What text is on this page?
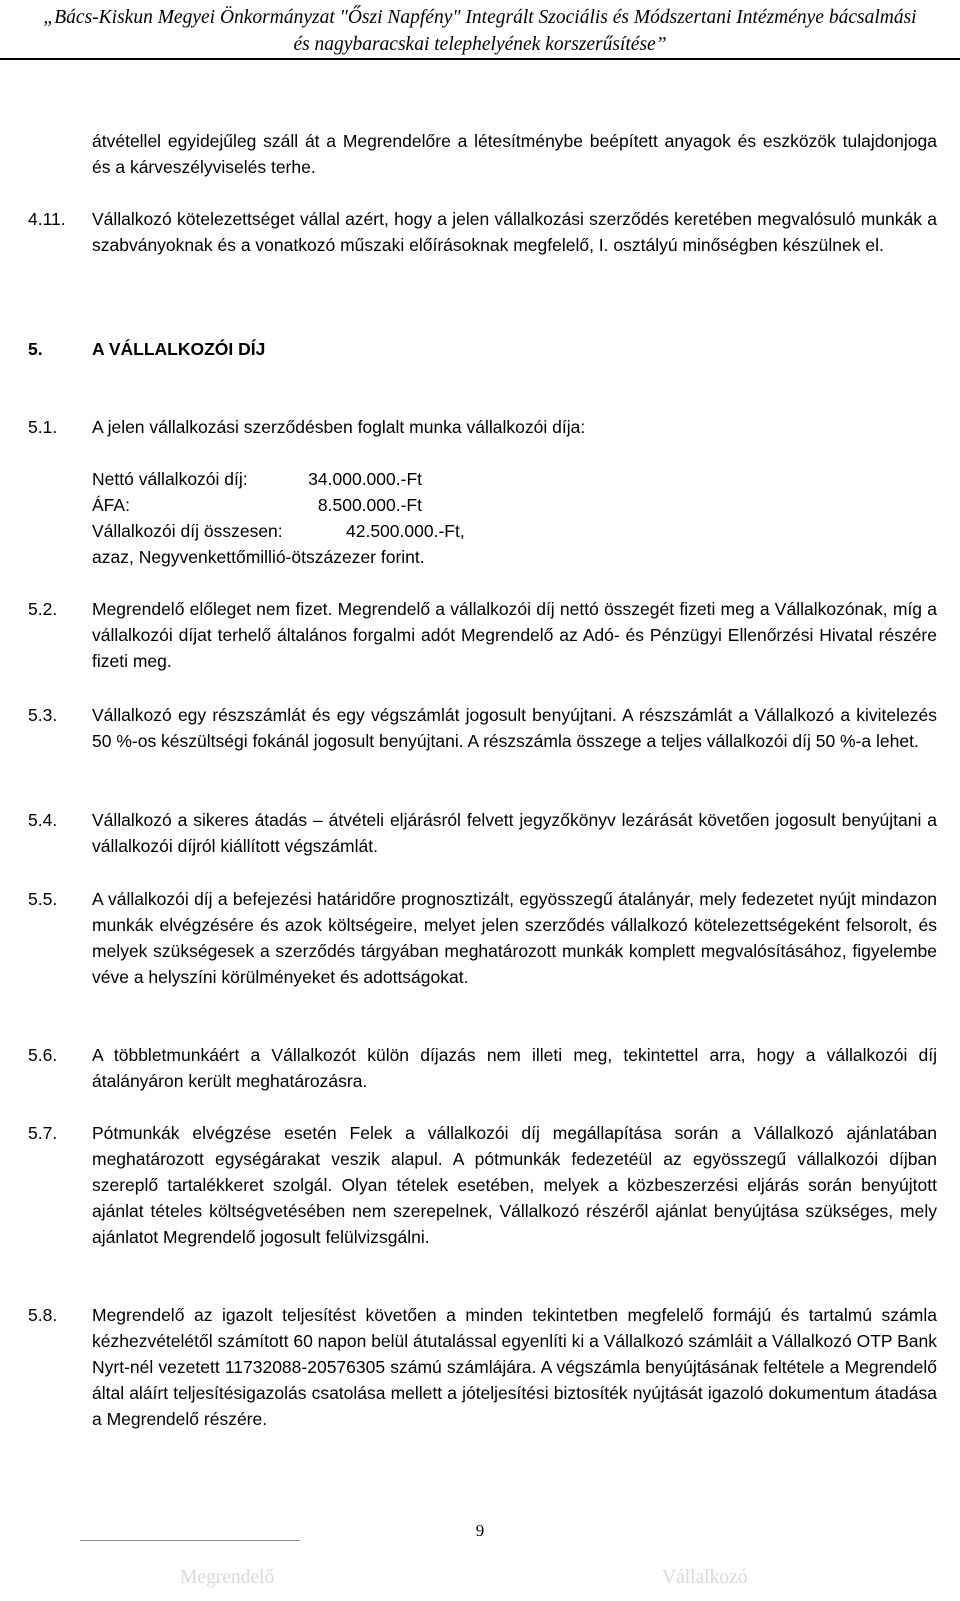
„Bács-Kiskun Megyei Önkormányzat "Őszi Napfény" Integrált Szociális és Módszertani Intézménye bácsalmási
és nagybaracskai telephelyének korszerűsítése”
átvétellel egyidejűleg száll át a Megrendelőre a létesítménybe beépített anyagok és eszközök tulajdonjoga és a kárveszélyviselés terhe.
4.11. Vállalkozó kötelezettséget vállal azért, hogy a jelen vállalkozási szerződés keretében megvalósuló munkák a szabványoknak és a vonatkozó műszaki előírásoknak megfelelő, I. osztályú minőségben készülnek el.
5.	A VÁLLALKOZÓI DÍJ
5.1. A jelen vállalkozási szerződésben foglalt munka vállalkozói díja:
Nettó vállalkozói díj:	34.000.000.-Ft
ÁFA:	8.500.000.-Ft
Vállalkozói díj összesen:	42.500.000.-Ft,
azaz, Negyvenkettőmillió-ötszázezer forint.
5.2. Megrendelő előleget nem fizet. Megrendelő a vállalkozói díj nettó összegét fizeti meg a Vállalkozónak, míg a vállalkozói díjat terhelő általános forgalmi adót Megrendelő az Adó- és Pénzügyi Ellenőrzési Hivatal részére fizeti meg.
5.3. Vállalkozó egy részszámlát és egy végszámlát jogosult benyújtani. A részszámlát a Vállalkozó a kivitelezés 50 %-os készültségi fokánál jogosult benyújtani. A részszámla összege a teljes vállalkozói díj 50 %-a lehet.
5.4. Vállalkozó a sikeres átadás – átvételi eljárásról felvett jegyzőkönyv lezárását követően jogosult benyújtani a vállalkozói díjról kiállított végszámlát.
5.5. A vállalkozói díj a befejezési határidőre prognosztizált, egyösszegű átalányár, mely fedezetet nyújt mindazon munkák elvégzésére és azok költségeire, melyet jelen szerződés vállalkozó kötelezettségeként felsorolt, és melyek szükségesek a szerződés tárgyában meghatározott munkák komplett megvalósításához, figyelembe véve a helyszíni körülményeket és adottságokat.
5.6. A többletmunkáért a Vállalkozót külön díjazás nem illeti meg, tekintettel arra, hogy a vállalkozói díj átalányáron került meghatározásra.
5.7. Pótmunkák elvégzése esetén Felek a vállalkozói díj megállapítása során a Vállalkozó ajánlatában meghatározott egységárakat veszik alapul. A pótmunkák fedezetéül az egyösszegű vállalkozói díjban szereplő tartalékkeret szolgál. Olyan tételek esetében, melyek a közbeszerzési eljárás során benyújtott ajánlat tételes költségvetésében nem szerepelnek, Vállalkozó részéről ajánlat benyújtása szükséges, mely ajánlatot Megrendelő jogosult felülvizsgálni.
5.8. Megrendelő az igazolt teljesítést követően a minden tekintetben megfelelő formájú és tartalmú számla kézhezvételétől számított 60 napon belül átutalással egyenlíti ki a Vállalkozó számláit a Vállalkozó OTP Bank Nyrt-nél vezetett 11732088-20576305 számú számlájára. A végszámla benyújtásának feltétele a Megrendelő által aláírt teljesítésigazolás csatolása mellett a jóteljesítési biztosíték nyújtását igazoló dokumentum átadása a Megrendelő részére.
9
Megrendelő	Vállalkozó
